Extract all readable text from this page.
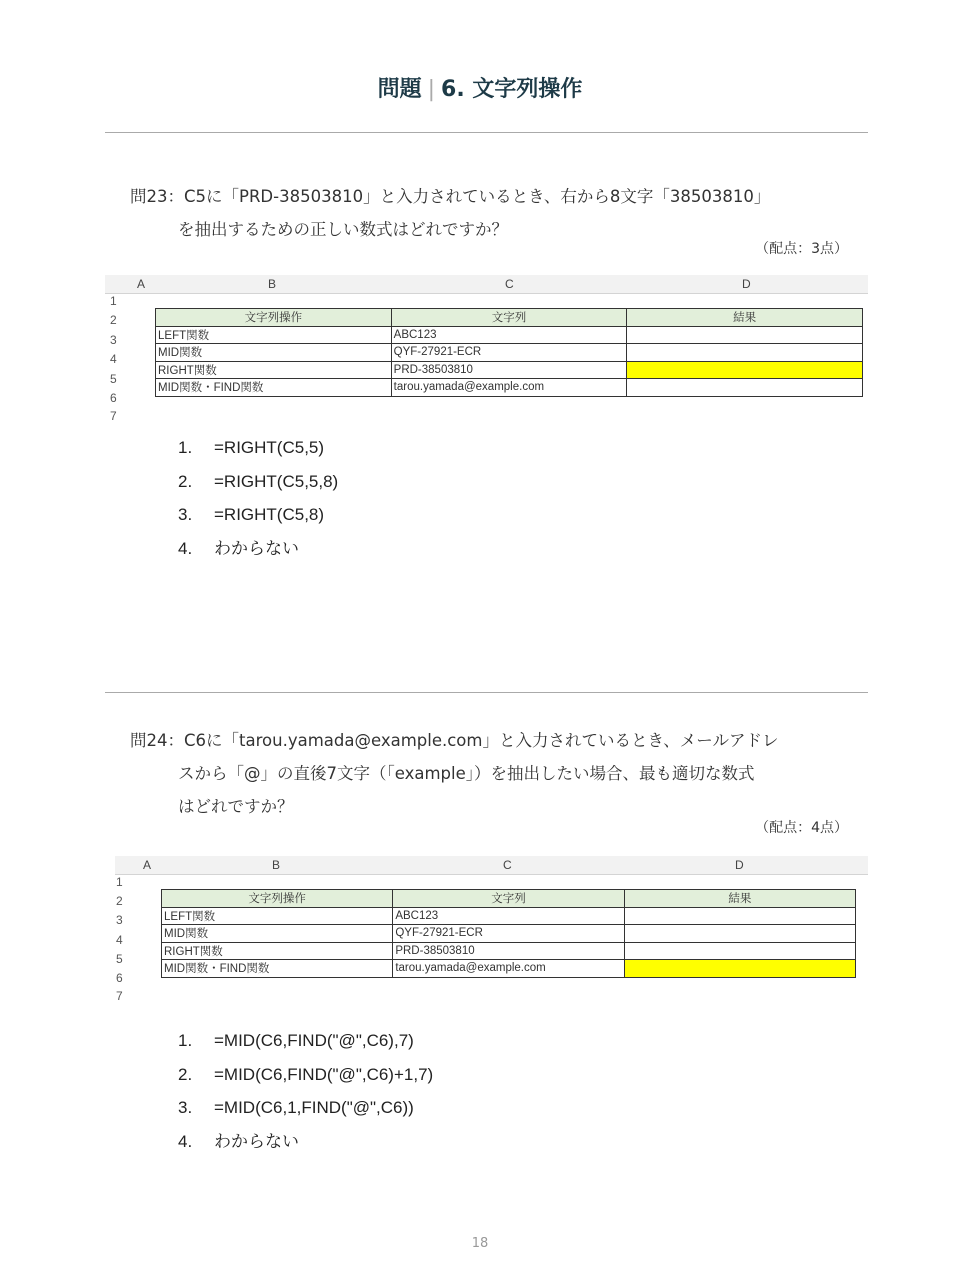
問題 | 6. 文字列操作
問23：C5に「PRD-38503810」と入力されているとき、右から8文字「38503810」
を抽出するための正しい数式はどれですか？
（配点：3点）
A	B	C	D
1
2
3
4
5
6
7
文字列操作	文字列	結果
LEFT関数	ABC123	
MID関数	QYF-27921-ECR	
RIGHT関数	PRD-38503810	
MID関数・FIND関数	tarou.yamada@example.com	
1. =RIGHT(C5,5)
2. =RIGHT(C5,5,8)
3. =RIGHT(C5,8)
4. わからない
問24：C6に「tarou.yamada@example.com」と入力されているとき、メールアドレ
スから「@」の直後7文字（「example」）を抽出したい場合、最も適切な数式
はどれですか？
（配点：4点）
A	B	C	D
1
2
3
4
5
6
7
文字列操作	文字列	結果
LEFT関数	ABC123	
MID関数	QYF-27921-ECR	
RIGHT関数	PRD-38503810	
MID関数・FIND関数	tarou.yamada@example.com	
1. =MID(C6,FIND("@",C6),7)
2. =MID(C6,FIND("@",C6)+1,7)
3. =MID(C6,1,FIND("@",C6))
4. わからない
18
